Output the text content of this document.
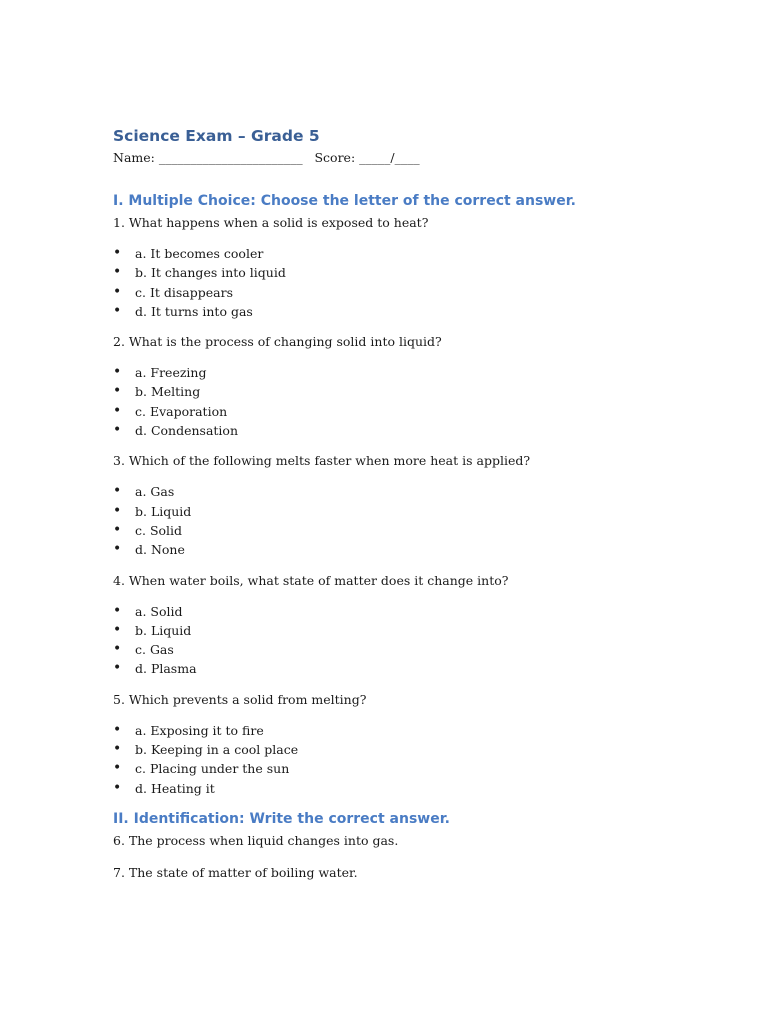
Science Exam – Grade 5

Name: _______________________   Score: _____/____

I. Multiple Choice: Choose the letter of the correct answer.

1. What happens when a solid is exposed to heat?

• a. It becomes cooler
• b. It changes into liquid
• c. It disappears
• d. It turns into gas

2. What is the process of changing solid into liquid?

• a. Freezing
• b. Melting
• c. Evaporation
• d. Condensation

3. Which of the following melts faster when more heat is applied?

• a. Gas
• b. Liquid
• c. Solid
• d. None

4. When water boils, what state of matter does it change into?

• a. Solid
• b. Liquid
• c. Gas
• d. Plasma

5. Which prevents a solid from melting?

• a. Exposing it to fire
• b. Keeping in a cool place
• c. Placing under the sun
• d. Heating it
II. Identification: Write the correct answer.

6. The process when liquid changes into gas.

7. The state of matter of boiling water.
